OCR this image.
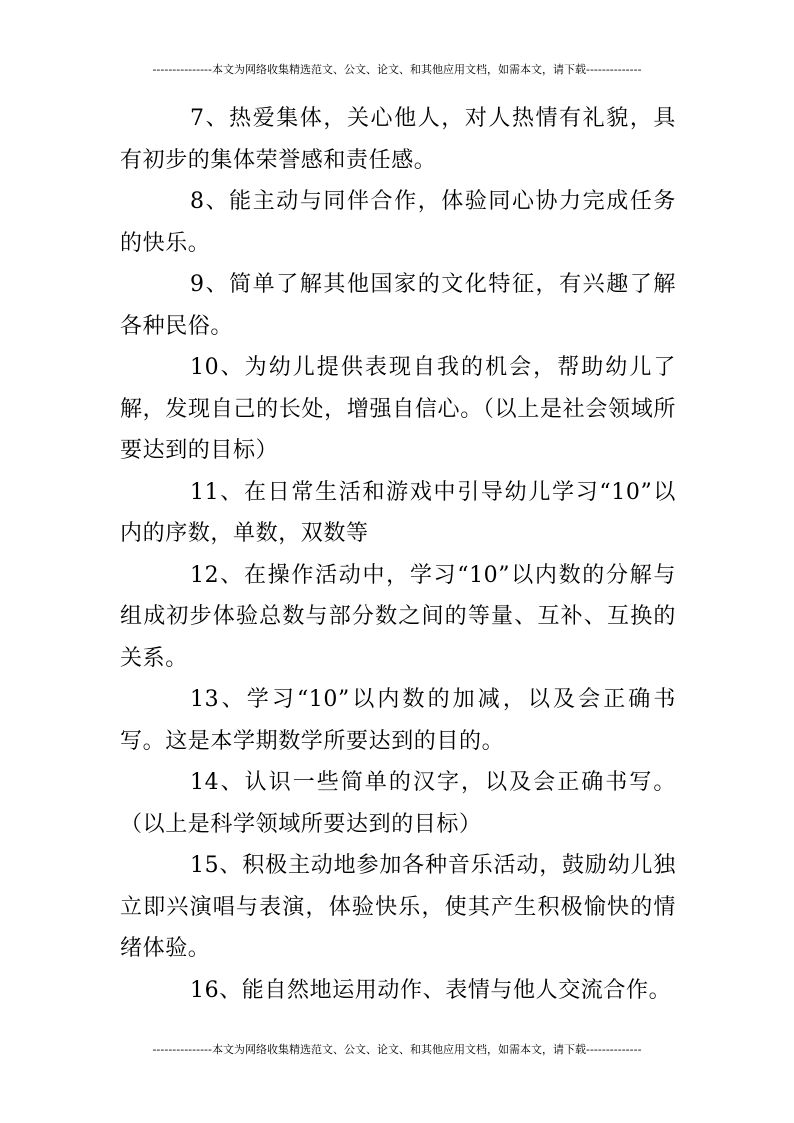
---------------本文为网络收集精选范文、公文、论文、和其他应用文档，如需本文，请下载--------------

7、热爱集体，关心他人，对人热情有礼貌，具有初步的集体荣誉感和责任感。

8、能主动与同伴合作，体验同心协力完成任务的快乐。

9、简单了解其他国家的文化特征，有兴趣了解各种民俗。

10、为幼儿提供表现自我的机会，帮助幼儿了解，发现自己的长处，增强自信心。（以上是社会领域所要达到的目标）

11、在日常生活和游戏中引导幼儿学习“10”以内的序数，单数，双数等

12、在操作活动中，学习“10”以内数的分解与组成初步体验总数与部分数之间的等量、互补、互换的关系。

13、学习“10”以内数的加减，以及会正确书写。这是本学期数学所要达到的目的。

14、认识一些简单的汉字，以及会正确书写。（以上是科学领域所要达到的目标）

15、积极主动地参加各种音乐活动，鼓励幼儿独立即兴演唱与表演，体验快乐，使其产生积极愉快的情绪体验。

16、能自然地运用动作、表情与他人交流合作。

---------------本文为网络收集精选范文、公文、论文、和其他应用文档，如需本文，请下载--------------
